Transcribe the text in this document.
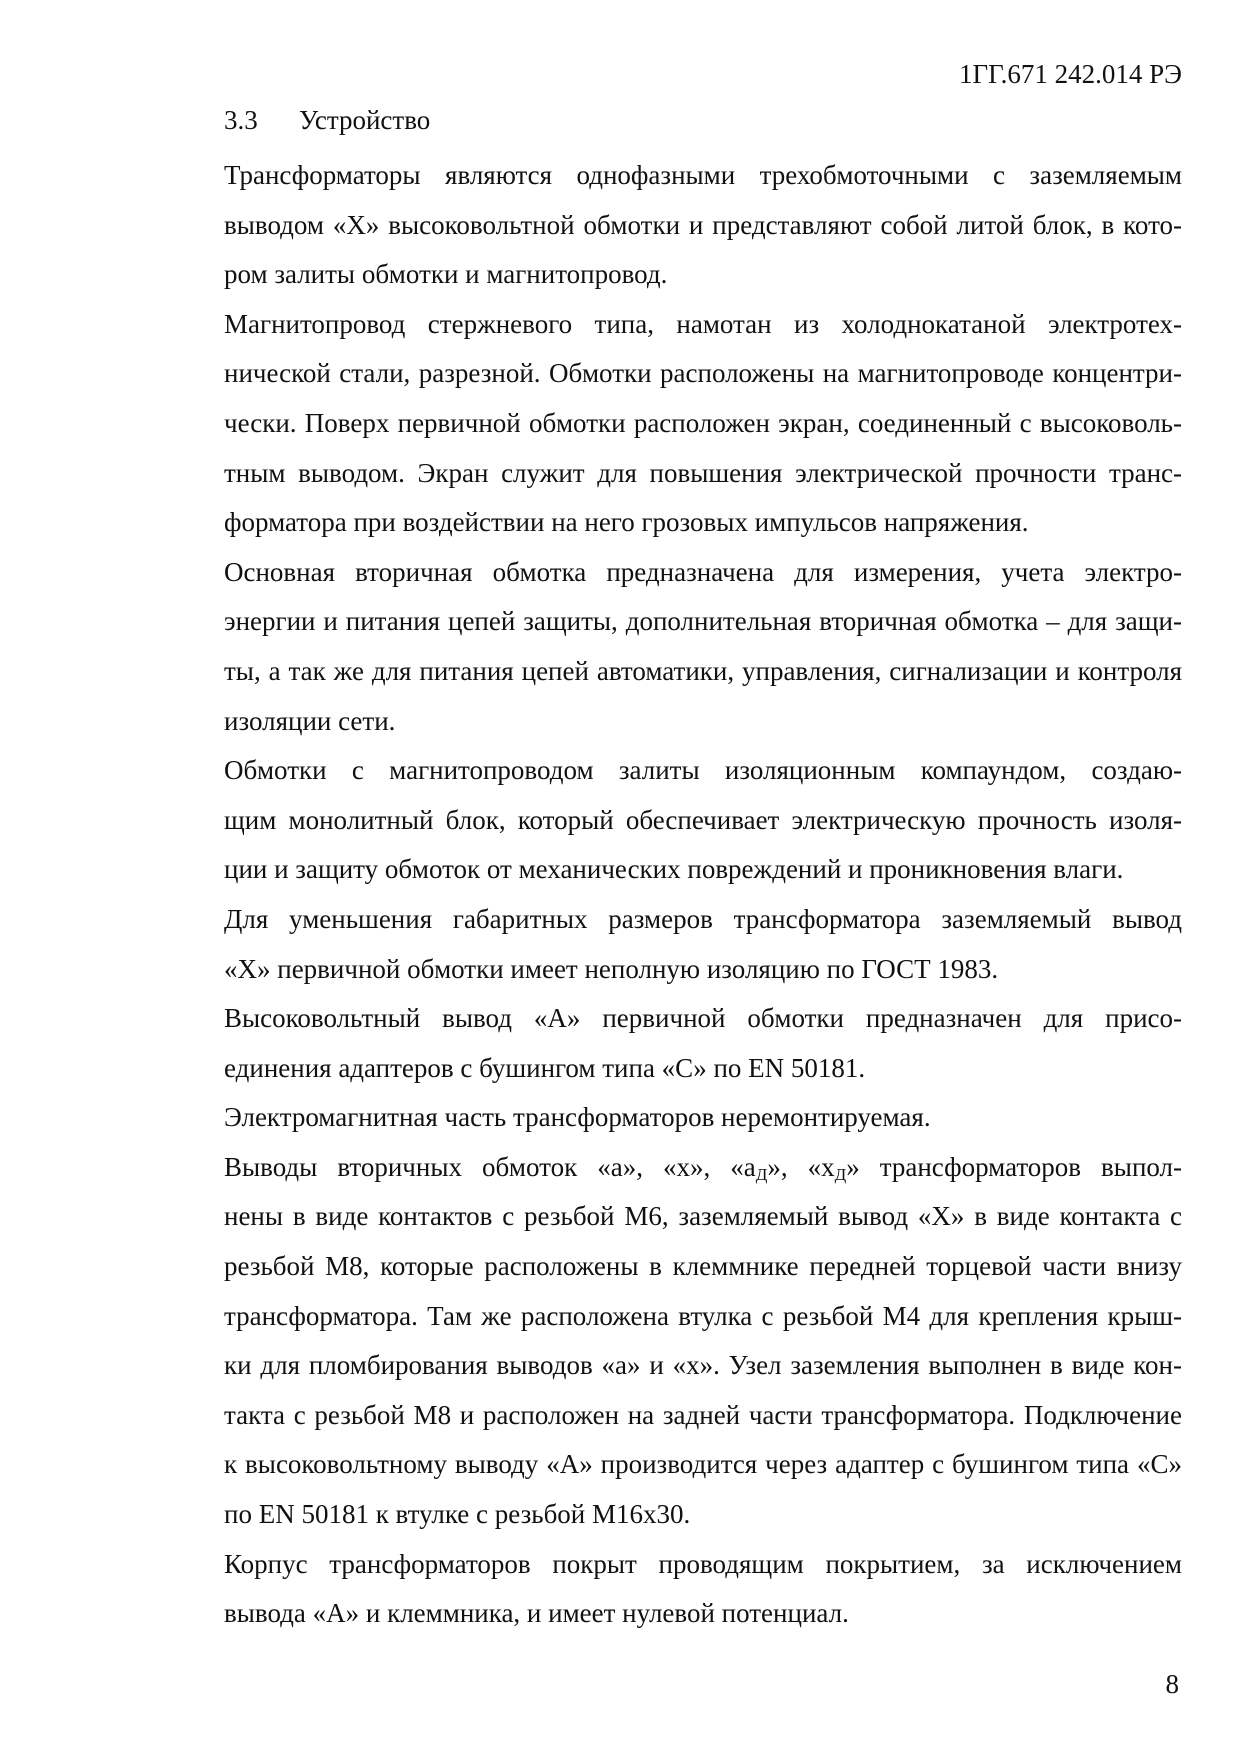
1ГГ.671 242.014 РЭ
3.3 Устройство
Трансформаторы являются однофазными трехобмоточными с заземляемым
выводом «X» высоковольтной обмотки и представляют собой литой блок, в кото-
ром залиты обмотки и магнитопровод.
Магнитопровод стержневого типа, намотан из холоднокатаной электротех-
нической стали, разрезной. Обмотки расположены на магнитопроводе концентри-
чески. Поверх первичной обмотки расположен экран, соединенный с высоковоль-
тным выводом. Экран служит для повышения электрической прочности транс-
форматора при воздействии на него грозовых импульсов напряжения.
Основная вторичная обмотка предназначена для измерения, учета электро-
энергии и питания цепей защиты, дополнительная вторичная обмотка – для защи-
ты, а так же для питания цепей автоматики, управления, сигнализации и контроля
изоляции сети.
Обмотки с магнитопроводом залиты изоляционным компаундом, создаю-
щим монолитный блок, который обеспечивает электрическую прочность изоля-
ции и защиту обмоток от механических повреждений и проникновения влаги.
Для уменьшения габаритных размеров трансформатора заземляемый вывод
«X» первичной обмотки имеет неполную изоляцию по ГОСТ 1983.
Высоковольтный вывод «А» первичной обмотки предназначен для присо-
единения адаптеров с бушингом типа «С» по EN 50181.
Электромагнитная часть трансформаторов неремонтируемая.
Выводы вторичных обмоток «а», «х», «$а_Д$», «$х_Д$» трансформаторов выпол-
нены в виде контактов с резьбой М6, заземляемый вывод «X» в виде контакта с
резьбой М8, которые расположены в клеммнике передней торцевой части внизу
трансформатора. Там же расположена втулка с резьбой М4 для крепления крыш-
ки для пломбирования выводов «а» и «х». Узел заземления выполнен в виде кон-
такта с резьбой М8 и расположен на задней части трансформатора. Подключение
к высоковольтному выводу «А» производится через адаптер с бушингом типа «С»
по EN 50181 к втулке с резьбой М16х30.
Корпус трансформаторов покрыт проводящим покрытием, за исключением
вывода «А» и клеммника, и имеет нулевой потенциал.
8
